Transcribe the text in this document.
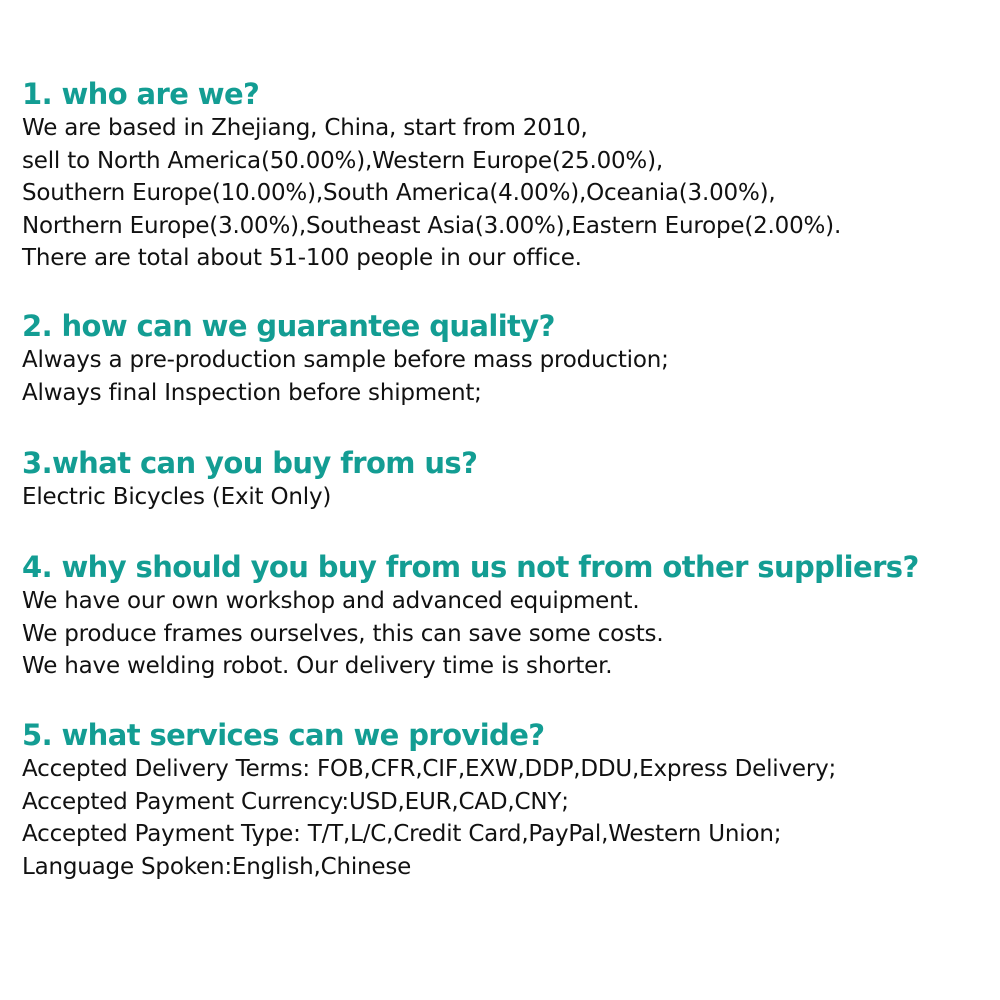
1. who are we?

We are based in Zhejiang, China, start from 2010,

sell to North America(50.00%),Western Europe(25.00%),

Southern Europe(10.00%),South America(4.00%),Oceania(3.00%),

Northern Europe(3.00%),Southeast Asia(3.00%),Eastern Europe(2.00%).

There are total about 51-100 people in our office.

2. how can we guarantee quality?

Always a pre-production sample before mass production;

Always final Inspection before shipment;

3.what can you buy from us?

Electric Bicycles (Exit Only)

4. why should you buy from us not from other suppliers?

We have our own workshop and advanced equipment.

We produce frames ourselves, this can save some costs.

We have welding robot. Our delivery time is shorter.

5. what services can we provide?

Accepted Delivery Terms: FOB,CFR,CIF,EXW,DDP,DDU,Express Delivery;

Accepted Payment Currency:USD,EUR,CAD,CNY;

Accepted Payment Type: T/T,L/C,Credit Card,PayPal,Western Union;

Language Spoken:English,Chinese
